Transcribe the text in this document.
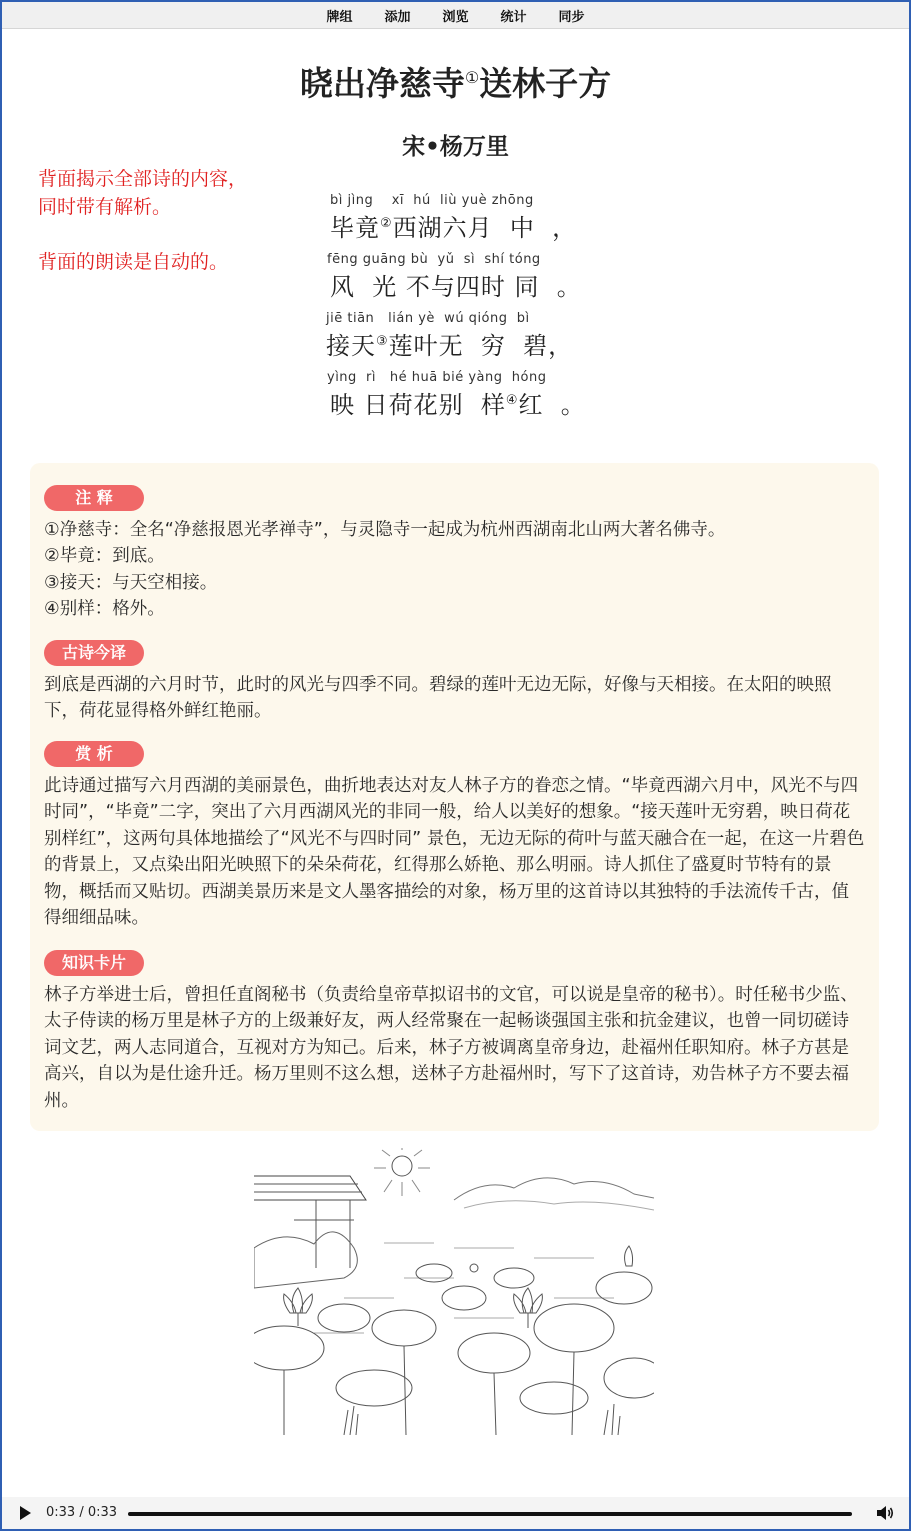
牌组	添加	浏览	统计	同步
晓出净慈寺①送林子方
宋•杨万里
背面揭示全部诗的内容，
同时带有解析。
背面的朗读是自动的。
bì jìng    xī  hú  liù yuè zhōng
毕竟②西湖六月  中  ，
fēng guāng bù  yǔ  sì  shí tóng
风  光 不与四时 同  。
jiē tiān   lián yè  wú qióng  bì
接天③莲叶无  穷  碧，
yìng  rì   hé huā bié yàng  hóng
映 日荷花别  样④红  。
注 释
①净慈寺：全名“净慈报恩光孝禅寺”，与灵隐寺一起成为杭州西湖南北山两大著名佛寺。
②毕竟：到底。
③接天：与天空相接。
④别样：格外。
古诗今译
到底是西湖的六月时节，此时的风光与四季不同。碧绿的莲叶无边无际，好像与天相接。在太阳的映照下，荷花显得格外鲜红艳丽。
赏 析
此诗通过描写六月西湖的美丽景色，曲折地表达对友人林子方的眷恋之情。“毕竟西湖六月中，风光不与四时同”，“毕竟”二字，突出了六月西湖风光的非同一般，给人以美好的想象。“接天莲叶无穷碧，映日荷花别样红”，这两句具体地描绘了“风光不与四时同” 景色，无边无际的荷叶与蓝天融合在一起，在这一片碧色的背景上，又点染出阳光映照下的朵朵荷花，红得那么娇艳、那么明丽。诗人抓住了盛夏时节特有的景物，概括而又贴切。西湖美景历来是文人墨客描绘的对象，杨万里的这首诗以其独特的手法流传千古，值得细细品味。
知识卡片
林子方举进士后，曾担任直阁秘书（负责给皇帝草拟诏书的文官，可以说是皇帝的秘书）。时任秘书少监、太子侍读的杨万里是林子方的上级兼好友，两人经常聚在一起畅谈强国主张和抗金建议，也曾一同切磋诗词文艺，两人志同道合，互视对方为知己。后来，林子方被调离皇帝身边，赴福州任职知府。林子方甚是高兴，自以为是仕途升迁。杨万里则不这么想，送林子方赴福州时，写下了这首诗，劝告林子方不要去福州。
0:33 / 0:33
